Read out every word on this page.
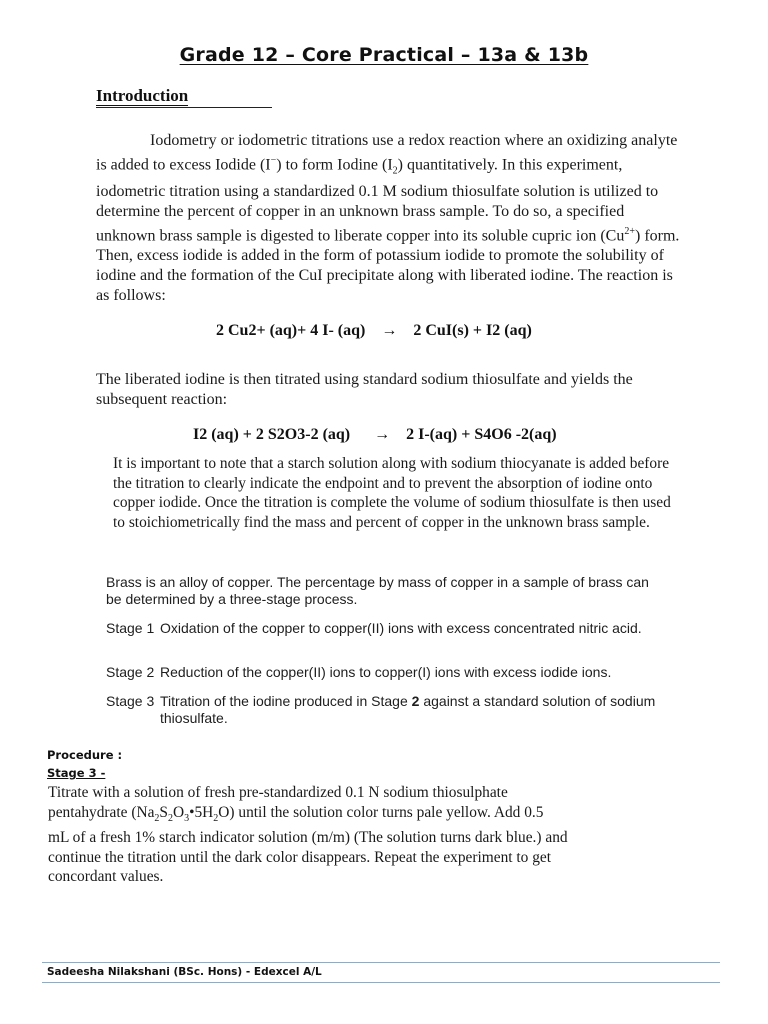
Grade 12 – Core Practical – 13a & 13b
Introduction
Iodometry or iodometric titrations use a redox reaction where an oxidizing analyte is added to excess Iodide (I−) to form Iodine $(I_2)$ quantitatively. In this experiment, iodometric titration using a standardized 0.1 M sodium thiosulfate solution is utilized to determine the percent of copper in an unknown brass sample. To do so, a specified unknown brass sample is digested to liberate copper into its soluble cupric ion $(Cu^{2+})$ form. Then, excess iodide is added in the form of potassium iodide to promote the solubility of iodine and the formation of the CuI precipitate along with liberated iodine. The reaction is as follows:
2 Cu2+ (aq)+ 4 I- (aq)    →    2 CuI(s) + I2 (aq)
The liberated iodine is then titrated using standard sodium thiosulfate and yields the subsequent reaction:
I2 (aq) + 2 S2O3-2 (aq)      →    2 I-(aq) + S4O6 -2(aq)
It is important to note that a starch solution along with sodium thiocyanate is added before the titration to clearly indicate the endpoint and to prevent the absorption of iodine onto copper iodide. Once the titration is complete the volume of sodium thiosulfate is then used to stoichiometrically find the mass and percent of copper in the unknown brass sample.
Brass is an alloy of copper. The percentage by mass of copper in a sample of brass can be determined by a three-stage process.
Stage 1 Oxidation of the copper to copper(II) ions with excess concentrated nitric acid.
Stage 2 Reduction of the copper(II) ions to copper(I) ions with excess iodide ions.
Stage 3 Titration of the iodine produced in Stage 2 against a standard solution of sodium thiosulfate.
Procedure :
Stage 3 -
Titrate with a solution of fresh pre-standardized 0.1 N sodium thiosulphate pentahydrate $(Na_2S_2O_3•5H_2O)$ until the solution color turns pale yellow. Add 0.5 mL of a fresh 1% starch indicator solution (m/m) (The solution turns dark blue.) and continue the titration until the dark color disappears. Repeat the experiment to get concordant values.
Sadeesha Nilakshani (BSc. Hons) - Edexcel A/L
